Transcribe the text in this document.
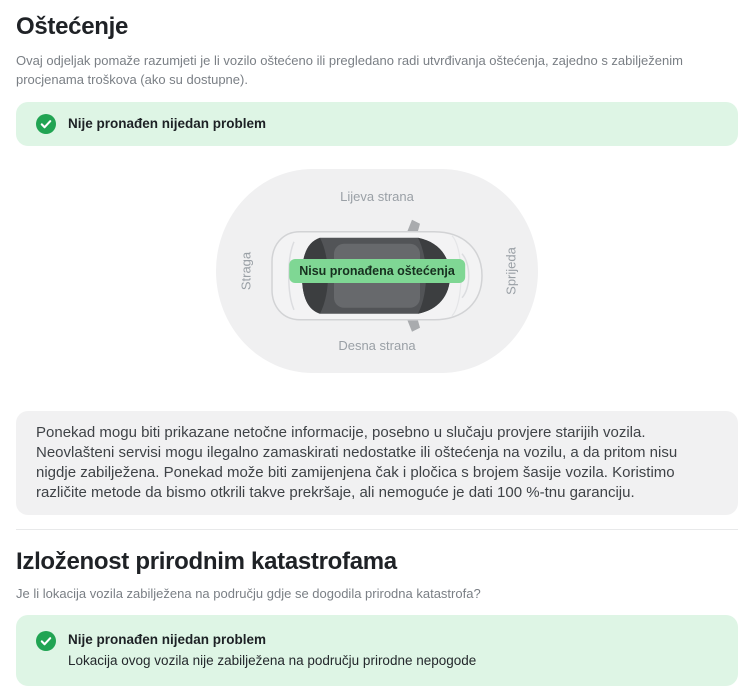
Oštećenje

Ovaj odjeljak pomaže razumjeti je li vozilo oštećeno ili pregledano radi utvrđivanja oštećenja, zajedno s zabilježenim procjenama troškova (ako su dostupne).

Nije pronađen nijedan problem
Lijeva strana
Desna strana
Straga	Sprijeda
Nisu pronađena oštećenja
Ponekad mogu biti prikazane netočne informacije, posebno u slučaju provjere starijih vozila. Neovlašteni servisi mogu ilegalno zamaskirati nedostatke ili oštećenja na vozilu, a da pritom nisu nigdje zabilježena. Ponekad može biti zamijenjena čak i pločica s brojem šasije vozila. Koristimo različite metode da bismo otkrili takve prekršaje, ali nemoguće je dati 100 %-tnu garanciju.
Izloženost prirodnim katastrofama

Je li lokacija vozila zabilježena na području gdje se dogodila prirodna katastrofa?

Nije pronađen nijedan problem
Lokacija ovog vozila nije zabilježena na području prirodne nepogode
